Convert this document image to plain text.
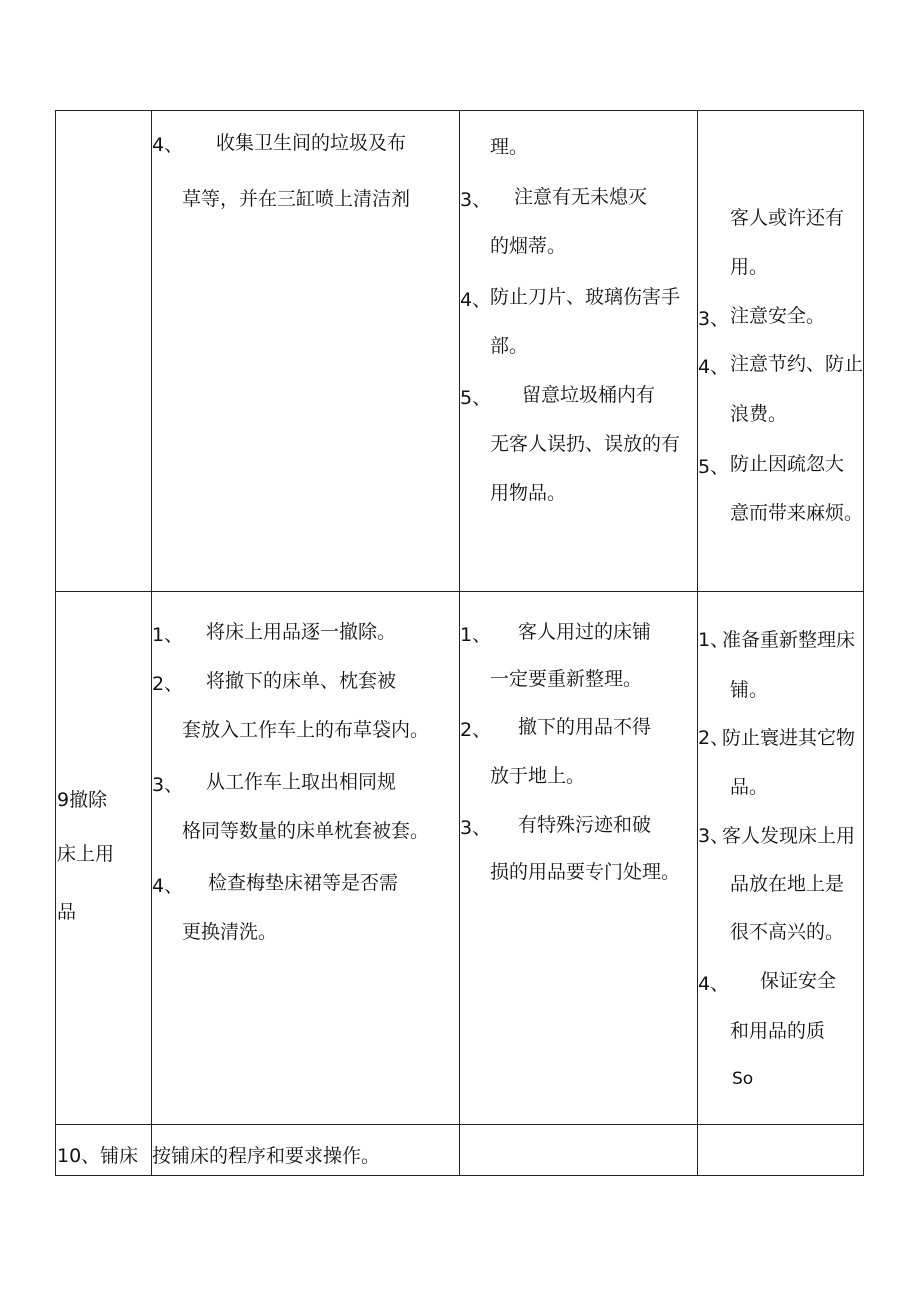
4、 收集卫生间的垃圾及布
草等，并在三缸喷上清洁剂
理。
3、 注意有无未熄灭
的烟蒂。
4、
防止刀片、玻璃伤害手
部。
5、 留意垃圾桶内有
无客人误扔、误放的有
用物品。
客人或许还有
用。
3、 注意安全。
4、 注意节约、防止
浪费。
5、 防止因疏忽大
意而带来麻烦。
9撤除
床上用
品
1、 将床上用品逐一撤除。
2、 将撤下的床单、枕套被
套放入工作车上的布草袋内。
3、 从工作车上取出相同规
格同等数量的床单枕套被套。
4、 检查梅垫床裙等是否需
更换清洗。
1、 客人用过的床铺
一定要重新整理。
2、 撤下的用品不得
放于地上。
3、 有特殊污迹和破
损的用品要专门处理。
1、
准备重新整理床
铺。
2、
防止寰进其它物
品。
3、
客人发现床上用
品放在地上是
很不高兴的。
4、 保证安全
和用品的质
So
10、铺床 按铺床的程序和要求操作。
